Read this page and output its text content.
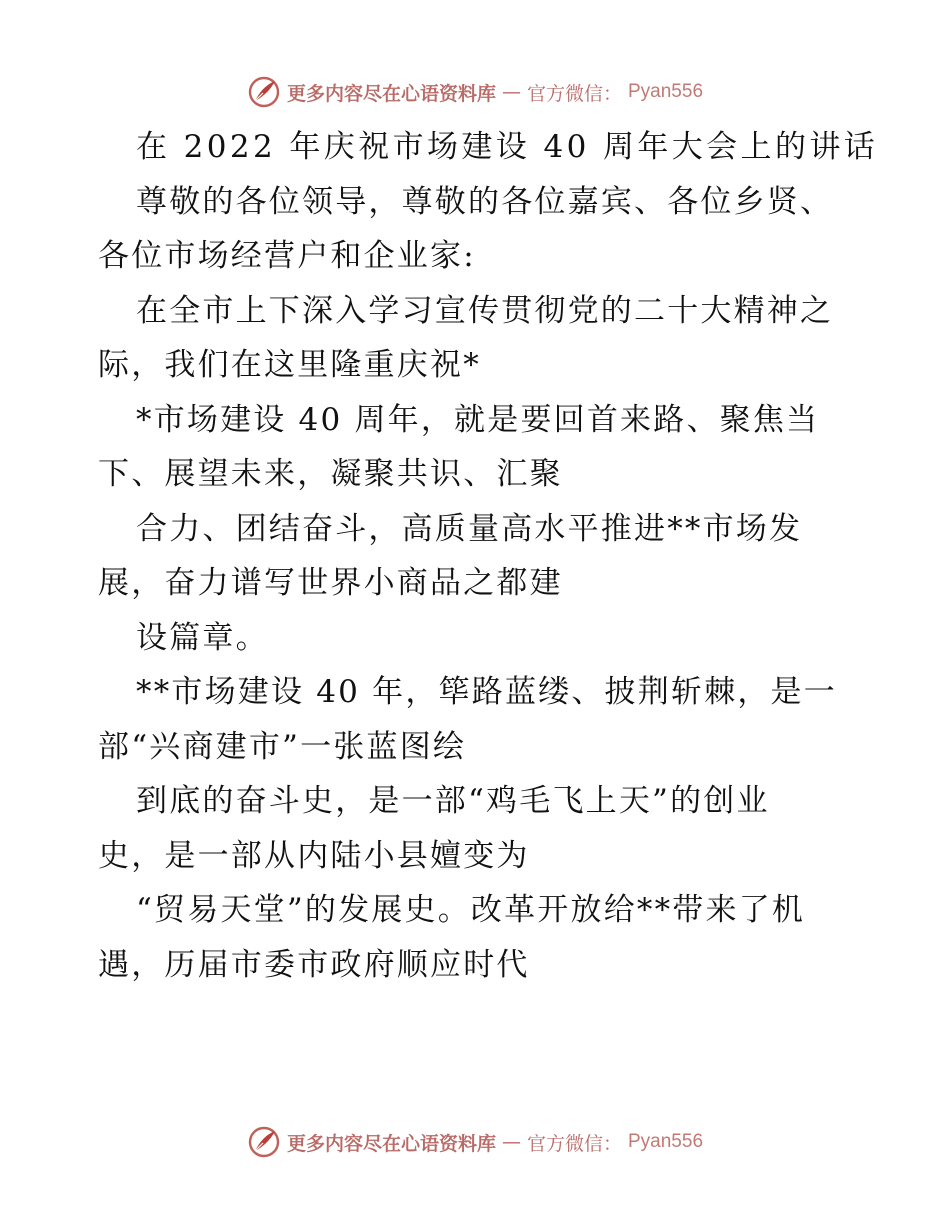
更多内容尽在心语资料库 — 官方微信： Pyan556
在 2022 年庆祝市场建设 40 周年大会上的讲话
尊敬的各位领导，尊敬的各位嘉宾、各位乡贤、
各位市场经营户和企业家:
在全市上下深入学习宣传贯彻党的二十大精神之
际，我们在这里隆重庆祝*
*市场建设 40 周年，就是要回首来路、聚焦当
下、展望未来，凝聚共识、汇聚
合力、团结奋斗，高质量高水平推进**市场发
展，奋力谱写世界小商品之都建
设篇章。
**市场建设 40 年，筚路蓝缕、披荆斩棘，是一
部“兴商建市”一张蓝图绘
到底的奋斗史，是一部“鸡毛飞上天”的创业
史，是一部从内陆小县嬗变为
“贸易天堂”的发展史。改革开放给**带来了机
遇，历届市委市政府顺应时代
更多内容尽在心语资料库 — 官方微信： Pyan556
